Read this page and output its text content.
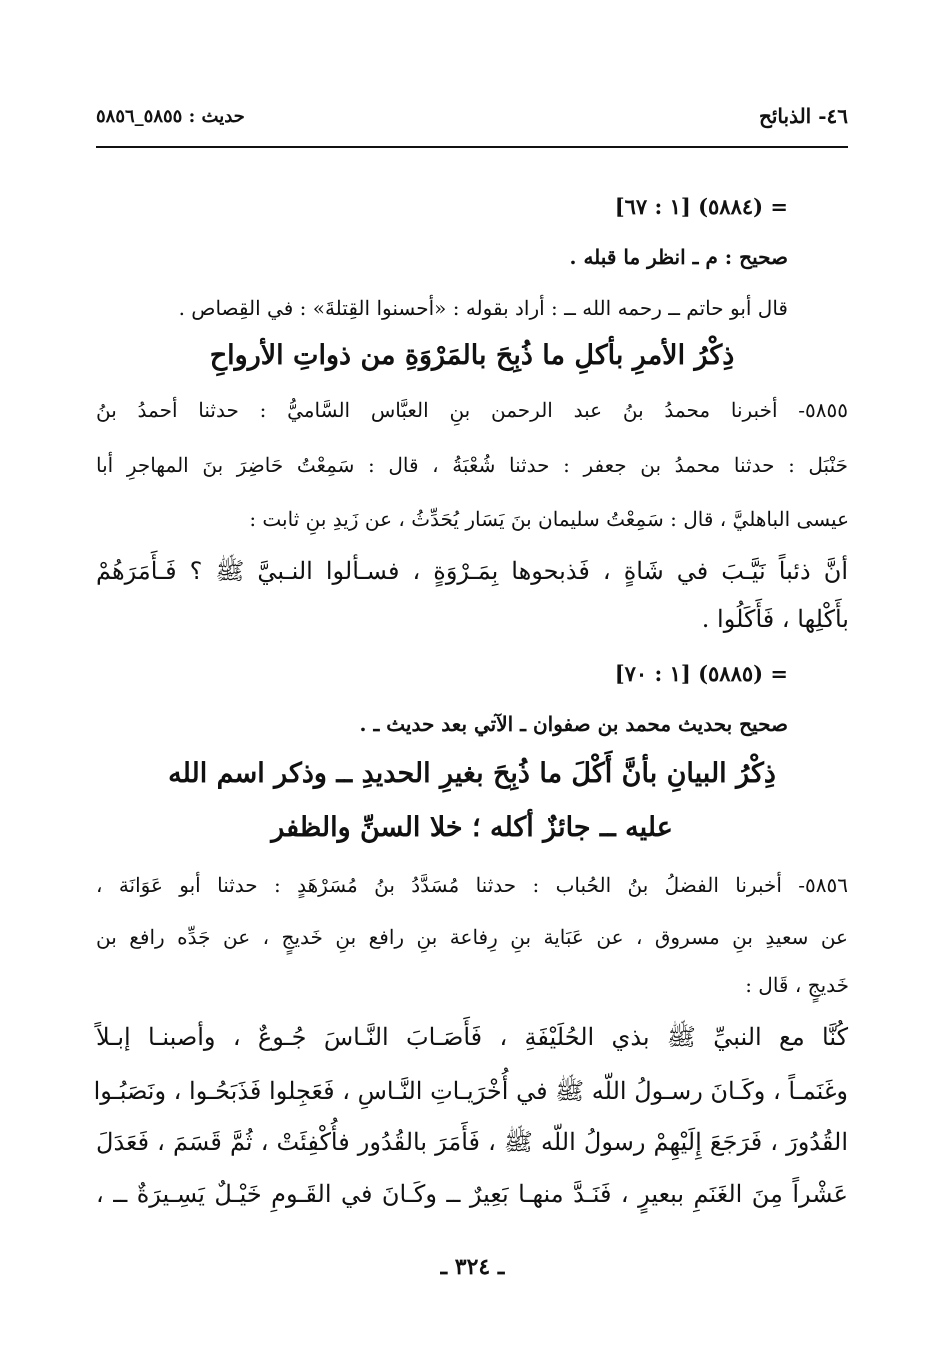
٤٦- الذبائح
حديث : ٥٨٥٥_٥٨٥٦
= (٥٨٨٤) [١ : ٦٧]
صحيح : م ـ انظر ما قبله .
قال أبو حاتم ــ رحمه الله ــ : أراد بقوله : «أحسنوا القِتلةَ» : في القِصاص .
ذِكْرُ الأمرِ بأكلِ ما ذُبِحَ بالمَرْوَةِ من ذواتِ الأرواحِ
٥٨٥٥- أخبرنا محمدُ بنُ عبد الرحمن بنِ العبَّاس السَّاميُّ : حدثنا أحمدُ بنُ
حَنْبَل : حدثنا محمدُ بن جعفر : حدثنا شُعْبَةُ ، قال : سَمِعْتُ حَاضِرَ بنَ المهاجرِ أبا
عيسى الباهليَّ ، قال : سَمِعْتُ سليمان بنَ يَسَار يُحَدِّثُ ، عن زَيدِ بنِ ثابت :
أنَّ ذئباً نَيَّـبَ في شَاةٍ ، فَذبحوها بِمَـرْوَةٍ ، فسـألوا النـبيَّ ﷺ ؟ فَـأَمَرَهُمْ
بأَكْلِها ، فَأَكَلُوا .
= (٥٨٨٥) [١ : ٧٠]
صحيح بحديث محمد بن صفوان ـ الآتي بعد حديث ـ .
ذِكْرُ البيانِ بأنَّ أَكْلَ ما ذُبِحَ بغيرِ الحديدِ ــ وذكر اسم الله
عليه ــ جائزٌ أكله ؛ خلا السنِّ والظفر
٥٨٥٦- أخبرنا الفضلُ بنُ الحُباب : حدثنا مُسَدَّدُ بنُ مُسَرْهَدٍ : حدثنا أبو عَوَانَة ،
عن سعيدِ بنِ مسروق ، عن عَبَاية بنِ رِفاعة بنِ رافع بنِ خَديجٍ ، عن جَدِّه رافع بن
خَديجٍ ، قَال :
كُنَّا مع النبيِّ ﷺ بذي الحُلَيْفَةِ ، فَأَصَـابَ النَّـاسَ جُـوعٌ ، وأصبنـا إبـلاً
وغَنَمـاً ، وكَـانَ رسـولُ اللّه ﷺ في أُخْرَيـاتِ النَّـاسِ ، فَعَجِلوا فَذَبَحُـوا ، ونَصَبُـوا
القُدُورَ ، فَرَجَعَ إِلَيْهِمْ رسولُ اللّه ﷺ ، فَأَمَرَ بالقُدُور فأُكْفِئَتْ ، ثُمَّ قَسَمَ ، فَعَدَلَ
عَشْراً مِنَ الغَنَمِ ببعيرٍ ، فَنَـدَّ منهـا بَعِيرٌ ــ وكَـانَ في القَـومِ خَيْـلٌ يَسِـيرَةٌ ــ ،
ـ ٣٢٤ ـ
